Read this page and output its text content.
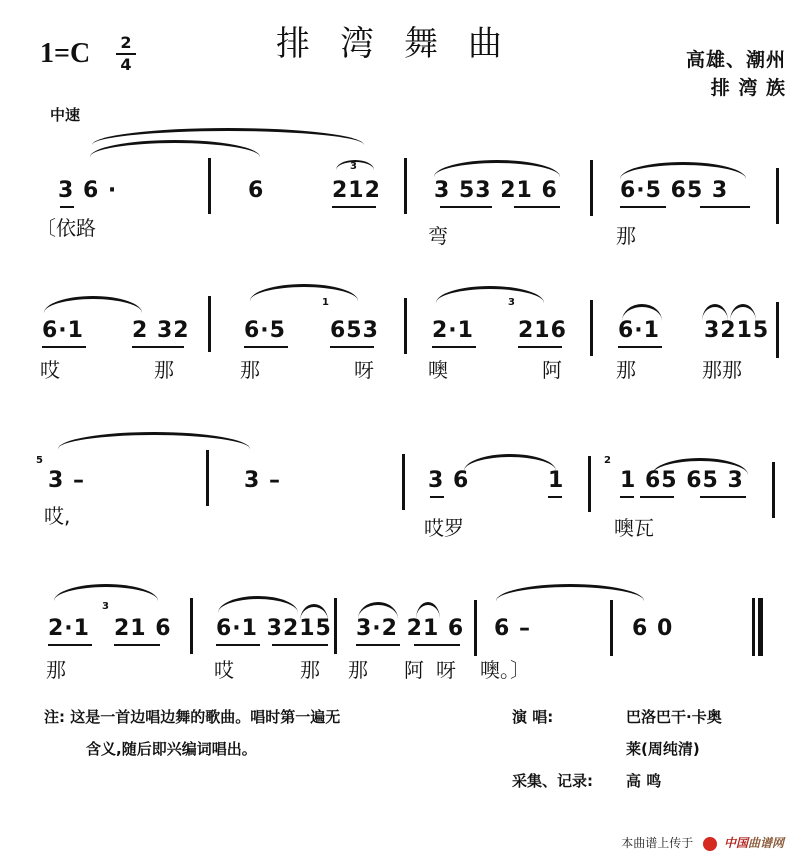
排湾舞曲
1=C 2
4	高雄、潮州
排 湾 族
中速
3 6 ·
〔依路
6	212
3
3 53 21 6
弯
6·5 65 3
那
6·1 2 32
哎	那
6·5
1
653
那	呀
2·1
3
216
噢	阿
6·1 3215
那	那那
5
3 –
哎,
3 –	3 6	1
哎罗
2
1 65 65 3
噢瓦
2·1
3
21 6
那
6·1 3215
哎	那
3·2 21 6
那 阿 呀
6 –
噢。〕
6 0
注: 这是一首边唱边舞的歌曲。唱时第一遍无
含义,随后即兴编词唱出。
演 唱:	巴洛巴干·卡奥
莱(周纯清)
采集、记录: 高 鸣
本曲谱上传于	中国曲谱网
